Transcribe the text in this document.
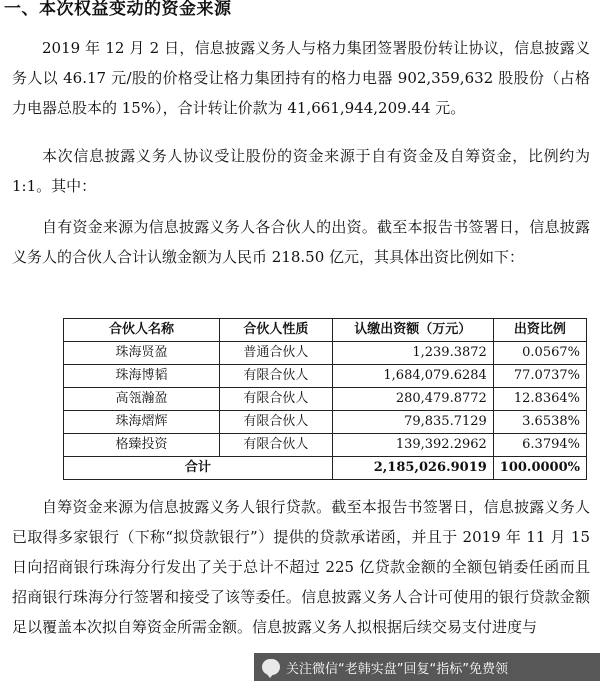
一、本次权益变动的资金来源
2019 年 12 月 2 日，信息披露义务人与格力集团签署股份转让协议，信息披露义务人以 46.17 元/股的价格受让格力集团持有的格力电器 902,359,632 股股份（占格力电器总股本的 15%），合计转让价款为 41,661,944,209.44 元。
本次信息披露义务人协议受让股份的资金来源于自有资金及自筹资金，比例约为 1:1。其中：
自有资金来源为信息披露义务人各合伙人的出资。截至本报告书签署日，信息披露义务人的合伙人合计认缴金额为人民币 218.50 亿元，其具体出资比例如下：
合伙人名称	合伙人性质	认缴出资额（万元）	出资比例
珠海贤盈	普通合伙人	1,239.3872	0.0567%
珠海博韬	有限合伙人	1,684,079.6284	77.0737%
高瓴瀚盈	有限合伙人	280,479.8772	12.8364%
珠海熠辉	有限合伙人	79,835.7129	3.6538%
格臻投资	有限合伙人	139,392.2962	6.3794%
合计		2,185,026.9019	100.0000%
自筹资金来源为信息披露义务人银行贷款。截至本报告书签署日，信息披露义务人已取得多家银行（下称“拟贷款银行”）提供的贷款承诺函，并且于 2019 年 11 月 15 日向招商银行珠海分行发出了关于总计不超过 225 亿贷款金额的全额包销委任函而且招商银行珠海分行签署和接受了该等委任。信息披露义务人合计可使用的银行贷款金额足以覆盖本次拟自筹资金所需金额。信息披露义务人拟根据后续交易支付进度与
关注微信“老韩实盘”回复“指标”免费领
